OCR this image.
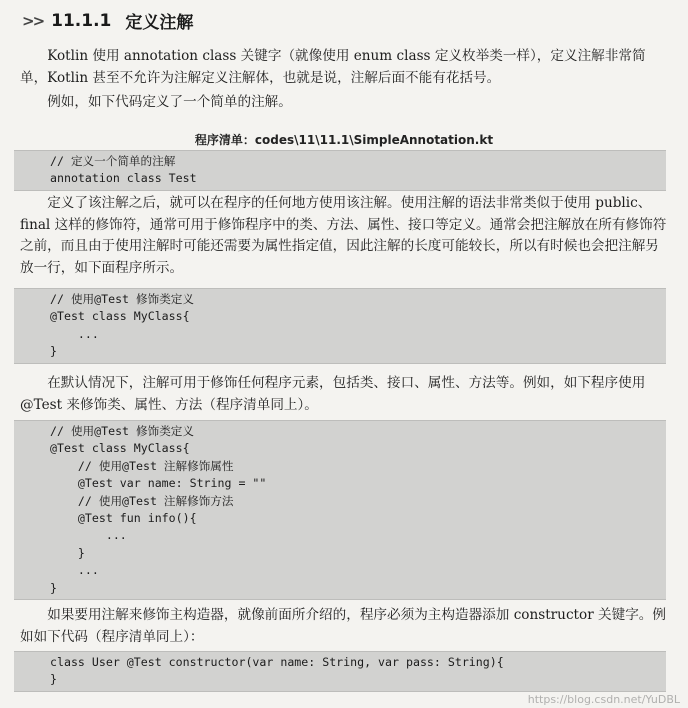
>> 11.1.1 定义注解

Kotlin 使用 annotation class 关键字（就像使用 enum class 定义枚举类一样），定义注解非常简单，Kotlin 甚至不允许为注解定义注解体，也就是说，注解后面不能有花括号。

例如，如下代码定义了一个简单的注解。

程序清单：codes\11\11.1\SimpleAnnotation.kt
// 定义一个简单的注解
annotation class Test

定义了该注解之后，就可以在程序的任何地方使用该注解。使用注解的语法非常类似于使用 public、final 这样的修饰符，通常可用于修饰程序中的类、方法、属性、接口等定义。通常会把注解放在所有修饰符之前，而且由于使用注解时可能还需要为属性指定值，因此注解的长度可能较长，所以有时候也会把注解另放一行，如下面程序所示。

// 使用@Test 修饰类定义
@Test class MyClass{
...
}

在默认情况下，注解可用于修饰任何程序元素，包括类、接口、属性、方法等。例如，如下程序使用@Test 来修饰类、属性、方法（程序清单同上）。

// 使用@Test 修饰类定义
@Test class MyClass{
// 使用@Test 注解修饰属性
@Test var name: String = ""
// 使用@Test 注解修饰方法
@Test fun info(){
...
}
...
}

如果要用注解来修饰主构造器，就像前面所介绍的，程序必须为主构造器添加 constructor 关键字。例如如下代码（程序清单同上）：

class User @Test constructor(var name: String, var pass: String){
}
https://blog.csdn.net/YuDBL
